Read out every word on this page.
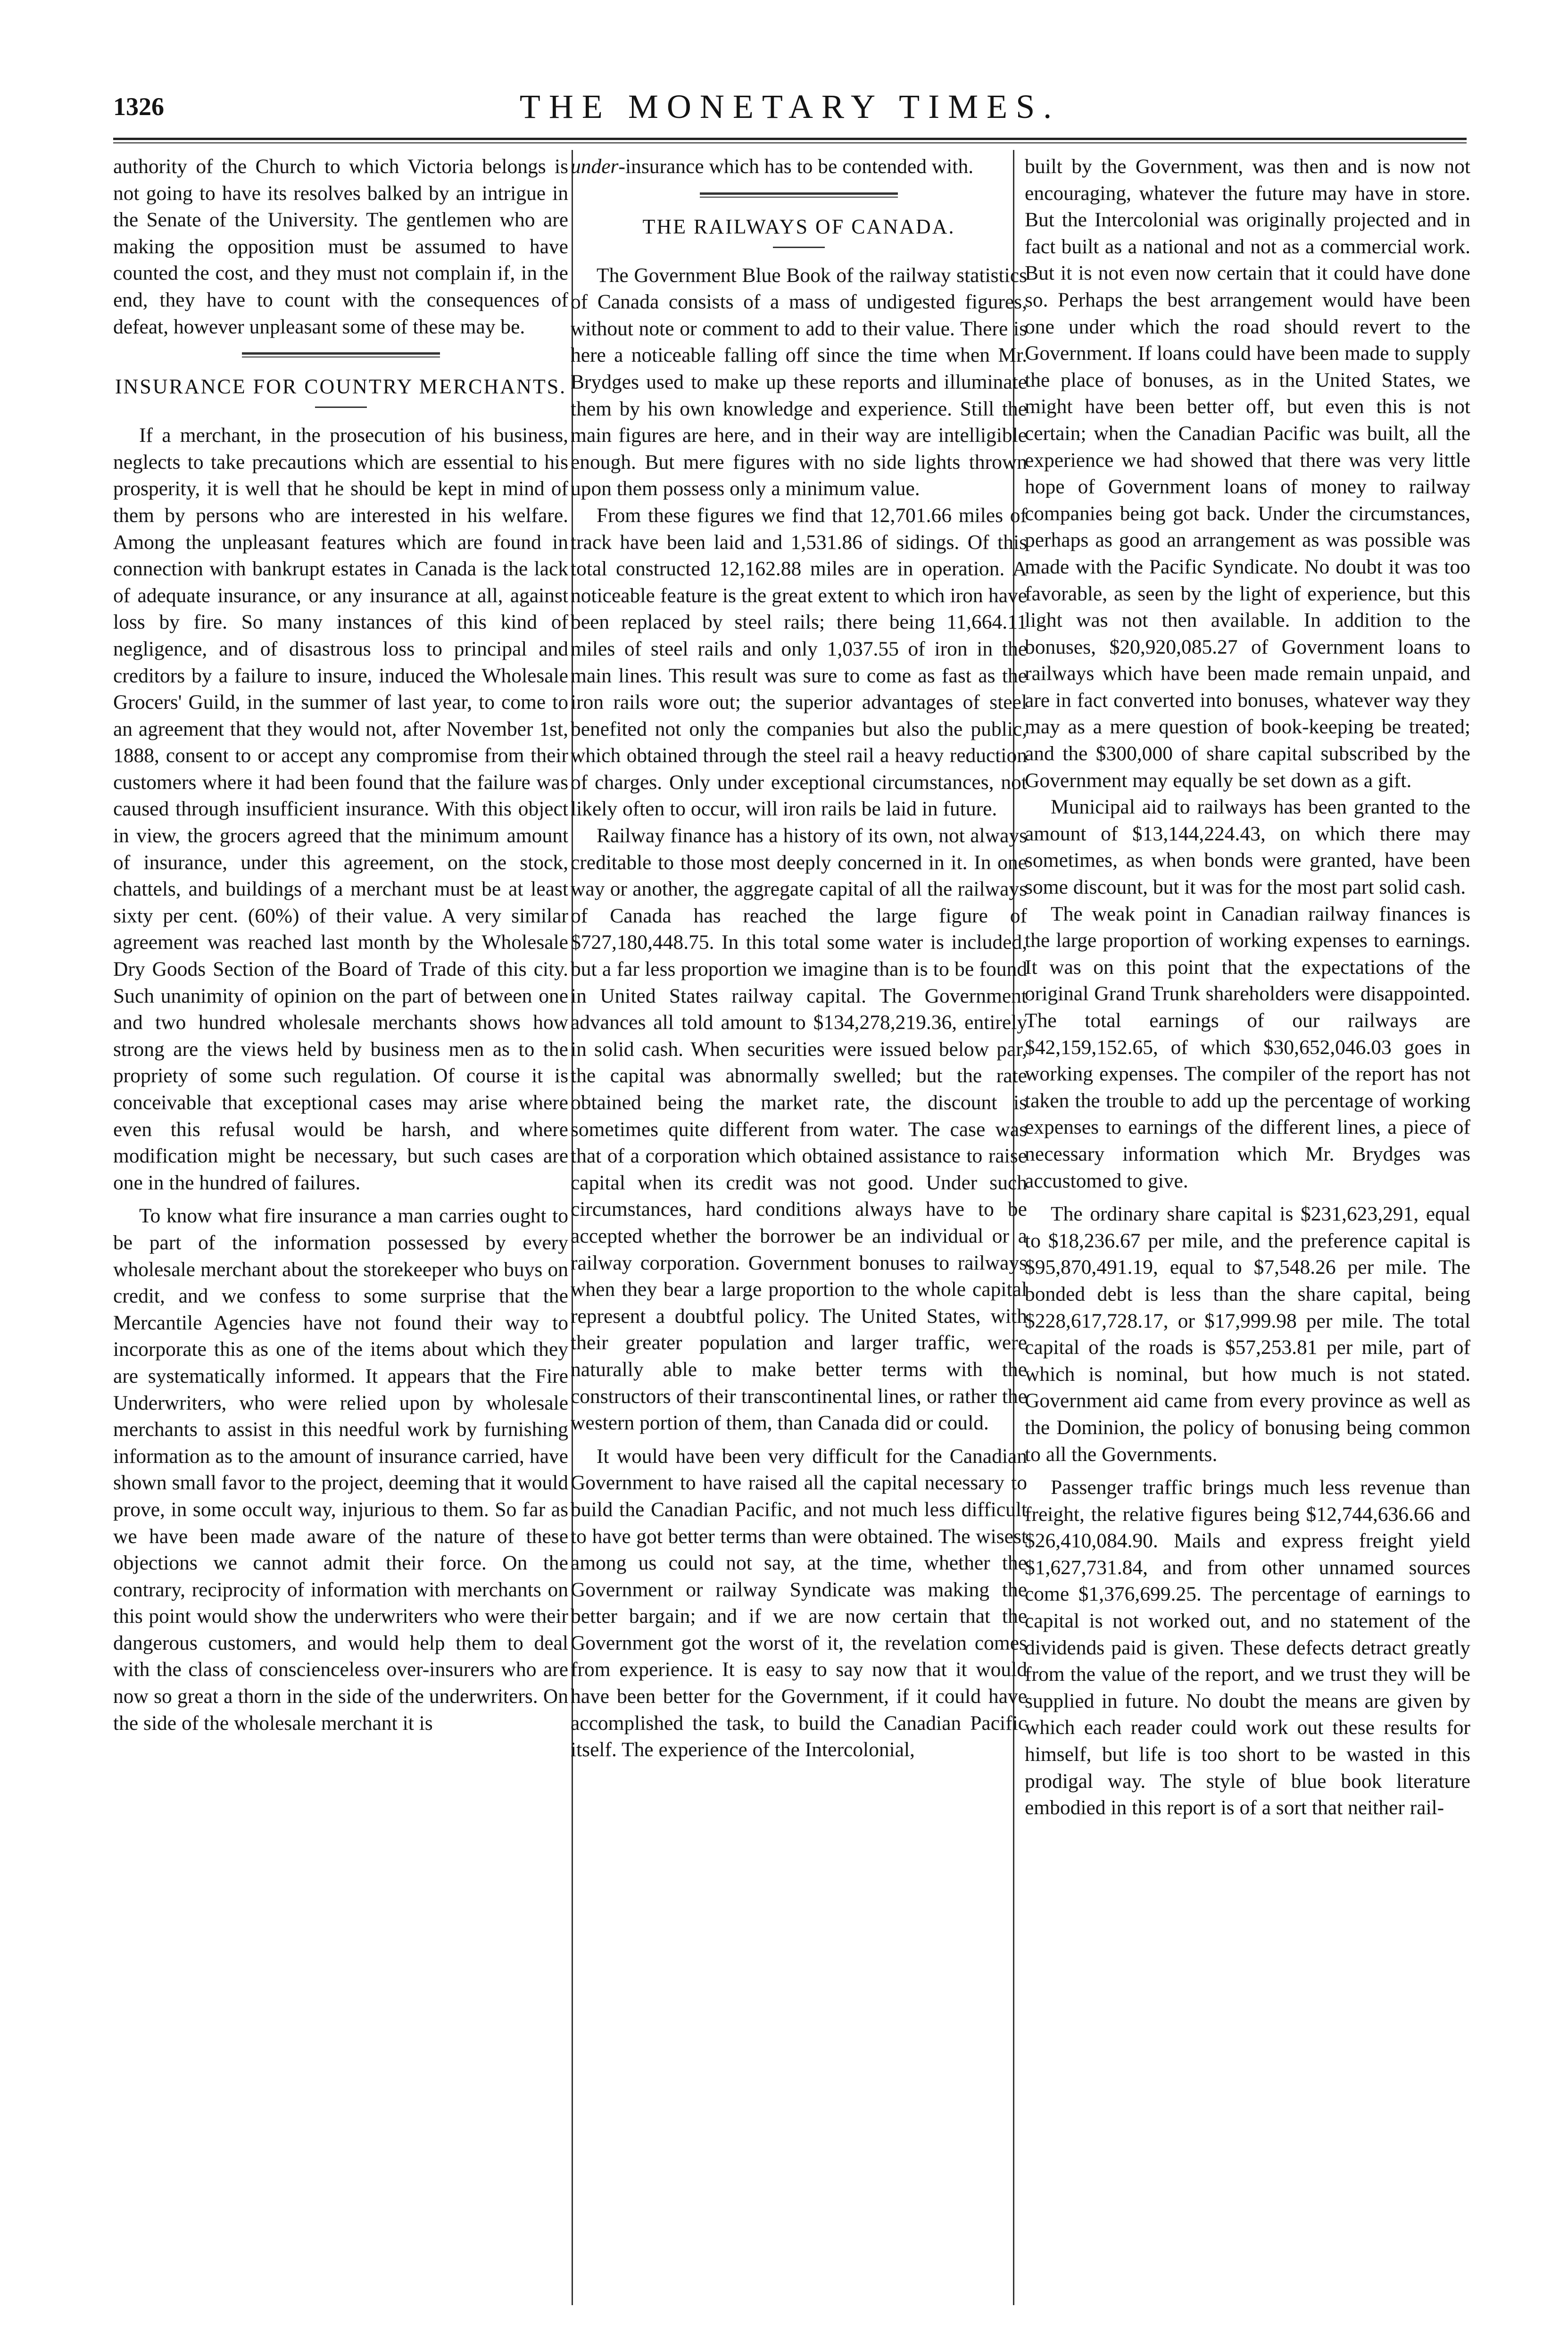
1326	THE MONETARY TIMES.

authority of the Church to which Victoria belongs is not going to have its resolves balked by an intrigue in the Senate of the University. The gentlemen who are making the opposition must be assumed to have counted the cost, and they must not complain if, in the end, they have to count with the consequences of defeat, however unpleasant some of these may be.

INSURANCE FOR COUNTRY MERCHANTS.

If a merchant, in the prosecution of his business, neglects to take precautions which are essential to his prosperity, it is well that he should be kept in mind of them by persons who are interested in his welfare. Among the unpleasant features which are found in connection with bankrupt estates in Canada is the lack of adequate insurance, or any insurance at all, against loss by fire. So many instances of this kind of negligence, and of disastrous loss to principal and creditors by a failure to insure, induced the Wholesale Grocers' Guild, in the summer of last year, to come to an agreement that they would not, after November 1st, 1888, consent to or accept any compromise from their customers where it had been found that the failure was caused through insufficient insurance. With this object in view, the grocers agreed that the minimum amount of insurance, under this agreement, on the stock, chattels, and buildings of a merchant must be at least sixty per cent. (60%) of their value. A very similar agreement was reached last month by the Wholesale Dry Goods Section of the Board of Trade of this city. Such unanimity of opinion on the part of between one and two hundred wholesale merchants shows how strong are the views held by business men as to the propriety of some such regulation. Of course it is conceivable that exceptional cases may arise where even this refusal would be harsh, and where modification might be necessary, but such cases are one in the hundred of failures.

To know what fire insurance a man carries ought to be part of the information possessed by every wholesale merchant about the storekeeper who buys on credit, and we confess to some surprise that the Mercantile Agencies have not found their way to incorporate this as one of the items about which they are systematically informed. It appears that the Fire Underwriters, who were relied upon by wholesale merchants to assist in this needful work by furnishing information as to the amount of insurance carried, have shown small favor to the project, deeming that it would prove, in some occult way, injurious to them. So far as we have been made aware of the nature of these objections we cannot admit their force. On the contrary, reciprocity of information with merchants on this point would show the underwriters who were their dangerous customers, and would help them to deal with the class of conscienceless over-insurers who are now so great a thorn in the side of the underwriters. On the side of the wholesale merchant it is

under-insurance which has to be contended with.

THE RAILWAYS OF CANADA.

The Government Blue Book of the railway statistics of Canada consists of a mass of undigested figures, without note or comment to add to their value. There is here a noticeable falling off since the time when Mr. Brydges used to make up these reports and illuminate them by his own knowledge and experience. Still the main figures are here, and in their way are intelligible enough. But mere figures with no side lights thrown upon them possess only a minimum value.

From these figures we find that 12,701.66 miles of track have been laid and 1,531.86 of sidings. Of this total constructed 12,162.88 miles are in operation. A noticeable feature is the great extent to which iron have been replaced by steel rails; there being 11,664.11 miles of steel rails and only 1,037.55 of iron in the main lines. This result was sure to come as fast as the iron rails wore out; the superior advantages of steel benefited not only the companies but also the public, which obtained through the steel rail a heavy reduction of charges. Only under exceptional circumstances, not likely often to occur, will iron rails be laid in future.

Railway finance has a history of its own, not always creditable to those most deeply concerned in it. In one way or another, the aggregate capital of all the railways of Canada has reached the large figure of $727,180,448.75. In this total some water is included, but a far less proportion we imagine than is to be found in United States railway capital. The Government advances all told amount to $134,278,219.36, entirely in solid cash. When securities were issued below par, the capital was abnormally swelled; but the rate obtained being the market rate, the discount is sometimes quite different from water. The case was that of a corporation which obtained assistance to raise capital when its credit was not good. Under such circumstances, hard conditions always have to be accepted whether the borrower be an individual or a railway corporation. Government bonuses to railways when they bear a large proportion to the whole capital represent a doubtful policy. The United States, with their greater population and larger traffic, were naturally able to make better terms with the constructors of their transcontinental lines, or rather the western portion of them, than Canada did or could.

It would have been very difficult for the Canadian Government to have raised all the capital necessary to build the Canadian Pacific, and not much less difficult to have got better terms than were obtained. The wisest among us could not say, at the time, whether the Government or railway Syndicate was making the better bargain; and if we are now certain that the Government got the worst of it, the revelation comes from experience. It is easy to say now that it would have been better for the Government, if it could have accomplished the task, to build the Canadian Pacific itself. The experience of the Intercolonial,

built by the Government, was then and is now not encouraging, whatever the future may have in store. But the Intercolonial was originally projected and in fact built as a national and not as a commercial work. But it is not even now certain that it could have done so. Perhaps the best arrangement would have been one under which the road should revert to the Government. If loans could have been made to supply the place of bonuses, as in the United States, we might have been better off, but even this is not certain; when the Canadian Pacific was built, all the experience we had showed that there was very little hope of Government loans of money to railway companies being got back. Under the circumstances, perhaps as good an arrangement as was possible was made with the Pacific Syndicate. No doubt it was too favorable, as seen by the light of experience, but this light was not then available. In addition to the bonuses, $20,920,085.27 of Government loans to railways which have been made remain unpaid, and are in fact converted into bonuses, whatever way they may as a mere question of book-keeping be treated; and the $300,000 of share capital subscribed by the Government may equally be set down as a gift.

Municipal aid to railways has been granted to the amount of $13,144,224.43, on which there may sometimes, as when bonds were granted, have been some discount, but it was for the most part solid cash.

The weak point in Canadian railway finances is the large proportion of working expenses to earnings. It was on this point that the expectations of the original Grand Trunk shareholders were disappointed. The total earnings of our railways are $42,159,152.65, of which $30,652,046.03 goes in working expenses. The compiler of the report has not taken the trouble to add up the percentage of working expenses to earnings of the different lines, a piece of necessary information which Mr. Brydges was accustomed to give.

The ordinary share capital is $231,623,291, equal to $18,236.67 per mile, and the preference capital is $95,870,491.19, equal to $7,548.26 per mile. The bonded debt is less than the share capital, being $228,617,728.17, or $17,999.98 per mile. The total capital of the roads is $57,253.81 per mile, part of which is nominal, but how much is not stated. Government aid came from every province as well as the Dominion, the policy of bonusing being common to all the Governments.

Passenger traffic brings much less revenue than freight, the relative figures being $12,744,636.66 and $26,410,084.90. Mails and express freight yield $1,627,731.84, and from other unnamed sources come $1,376,699.25. The percentage of earnings to capital is not worked out, and no statement of the dividends paid is given. These defects detract greatly from the value of the report, and we trust they will be supplied in future. No doubt the means are given by which each reader could work out these results for himself, but life is too short to be wasted in this prodigal way. The style of blue book literature embodied in this report is of a sort that neither rail-
